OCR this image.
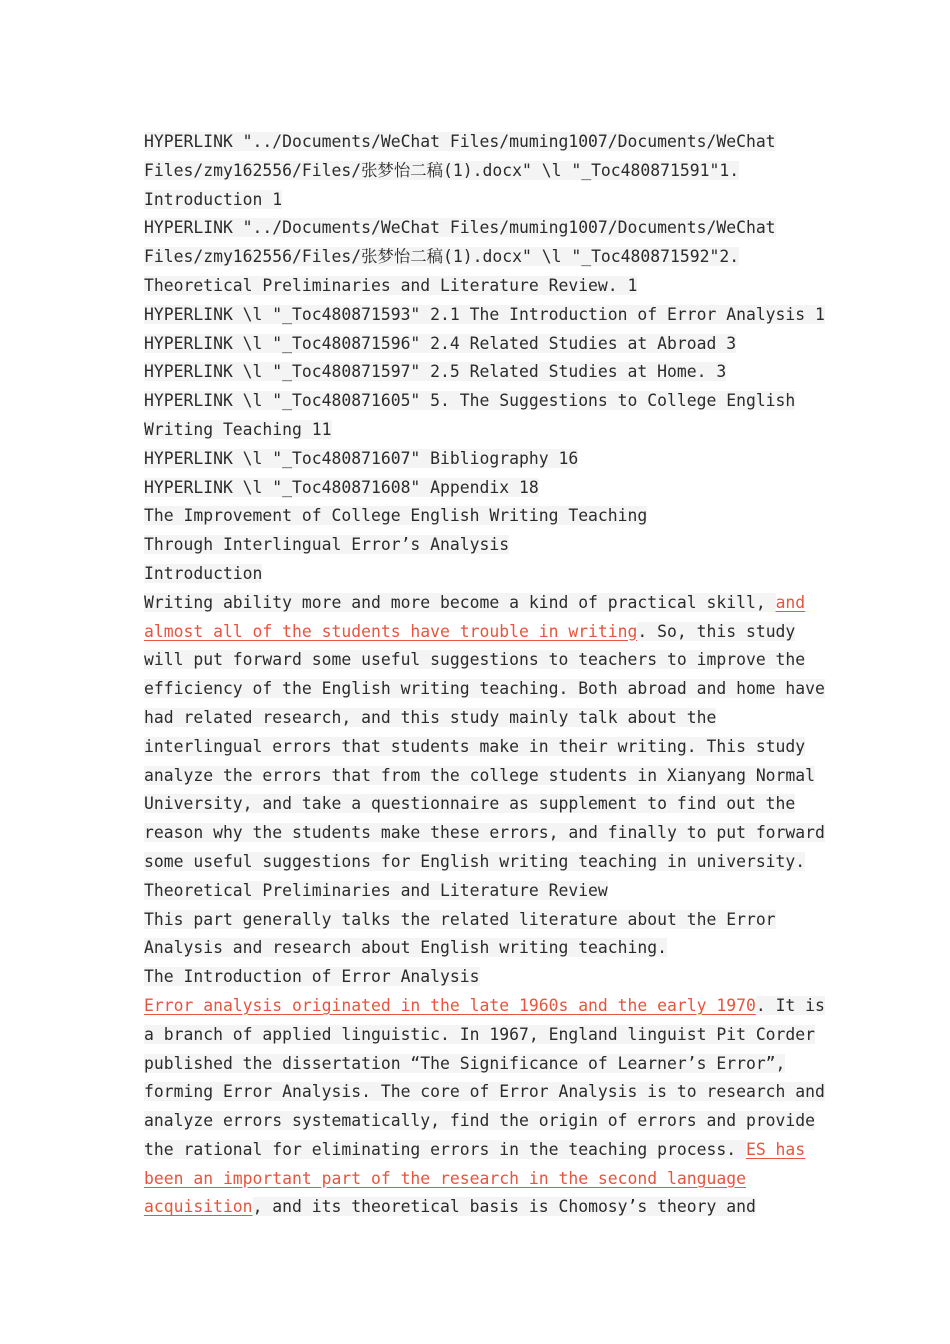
HYPERLINK "../Documents/WeChat Files/muming1007/Documents/WeChat
Files/zmy162556/Files/张梦怡二稿(1).docx" \l "_Toc480871591"1.
Introduction 1
HYPERLINK "../Documents/WeChat Files/muming1007/Documents/WeChat
Files/zmy162556/Files/张梦怡二稿(1).docx" \l "_Toc480871592"2.
Theoretical Preliminaries and Literature Review. 1
HYPERLINK \l "_Toc480871593" 2.1 The Introduction of Error Analysis 1
HYPERLINK \l "_Toc480871596" 2.4 Related Studies at Abroad 3
HYPERLINK \l "_Toc480871597" 2.5 Related Studies at Home. 3
HYPERLINK \l "_Toc480871605" 5. The Suggestions to College English
Writing Teaching 11
HYPERLINK \l "_Toc480871607" Bibliography 16
HYPERLINK \l "_Toc480871608" Appendix 18
The Improvement of College English Writing Teaching
Through Interlingual Error’s Analysis
Introduction
Writing ability more and more become a kind of practical skill, and
almost all of the students have trouble in writing. So, this study
will put forward some useful suggestions to teachers to improve the
efficiency of the English writing teaching. Both abroad and home have
had related research, and this study mainly talk about the
interlingual errors that students make in their writing. This study
analyze the errors that from the college students in Xianyang Normal
University, and take a questionnaire as supplement to find out the
reason why the students make these errors, and finally to put forward
some useful suggestions for English writing teaching in university.
Theoretical Preliminaries and Literature Review
This part generally talks the related literature about the Error
Analysis and research about English writing teaching.
The Introduction of Error Analysis
Error analysis originated in the late 1960s and the early 1970. It is
a branch of applied linguistic. In 1967, England linguist Pit Corder
published the dissertation “The Significance of Learner’s Error”,
forming Error Analysis. The core of Error Analysis is to research and
analyze errors systematically, find the origin of errors and provide
the rational for eliminating errors in the teaching process. ES has
been an important part of the research in the second language
acquisition, and its theoretical basis is Chomosy’s theory and
